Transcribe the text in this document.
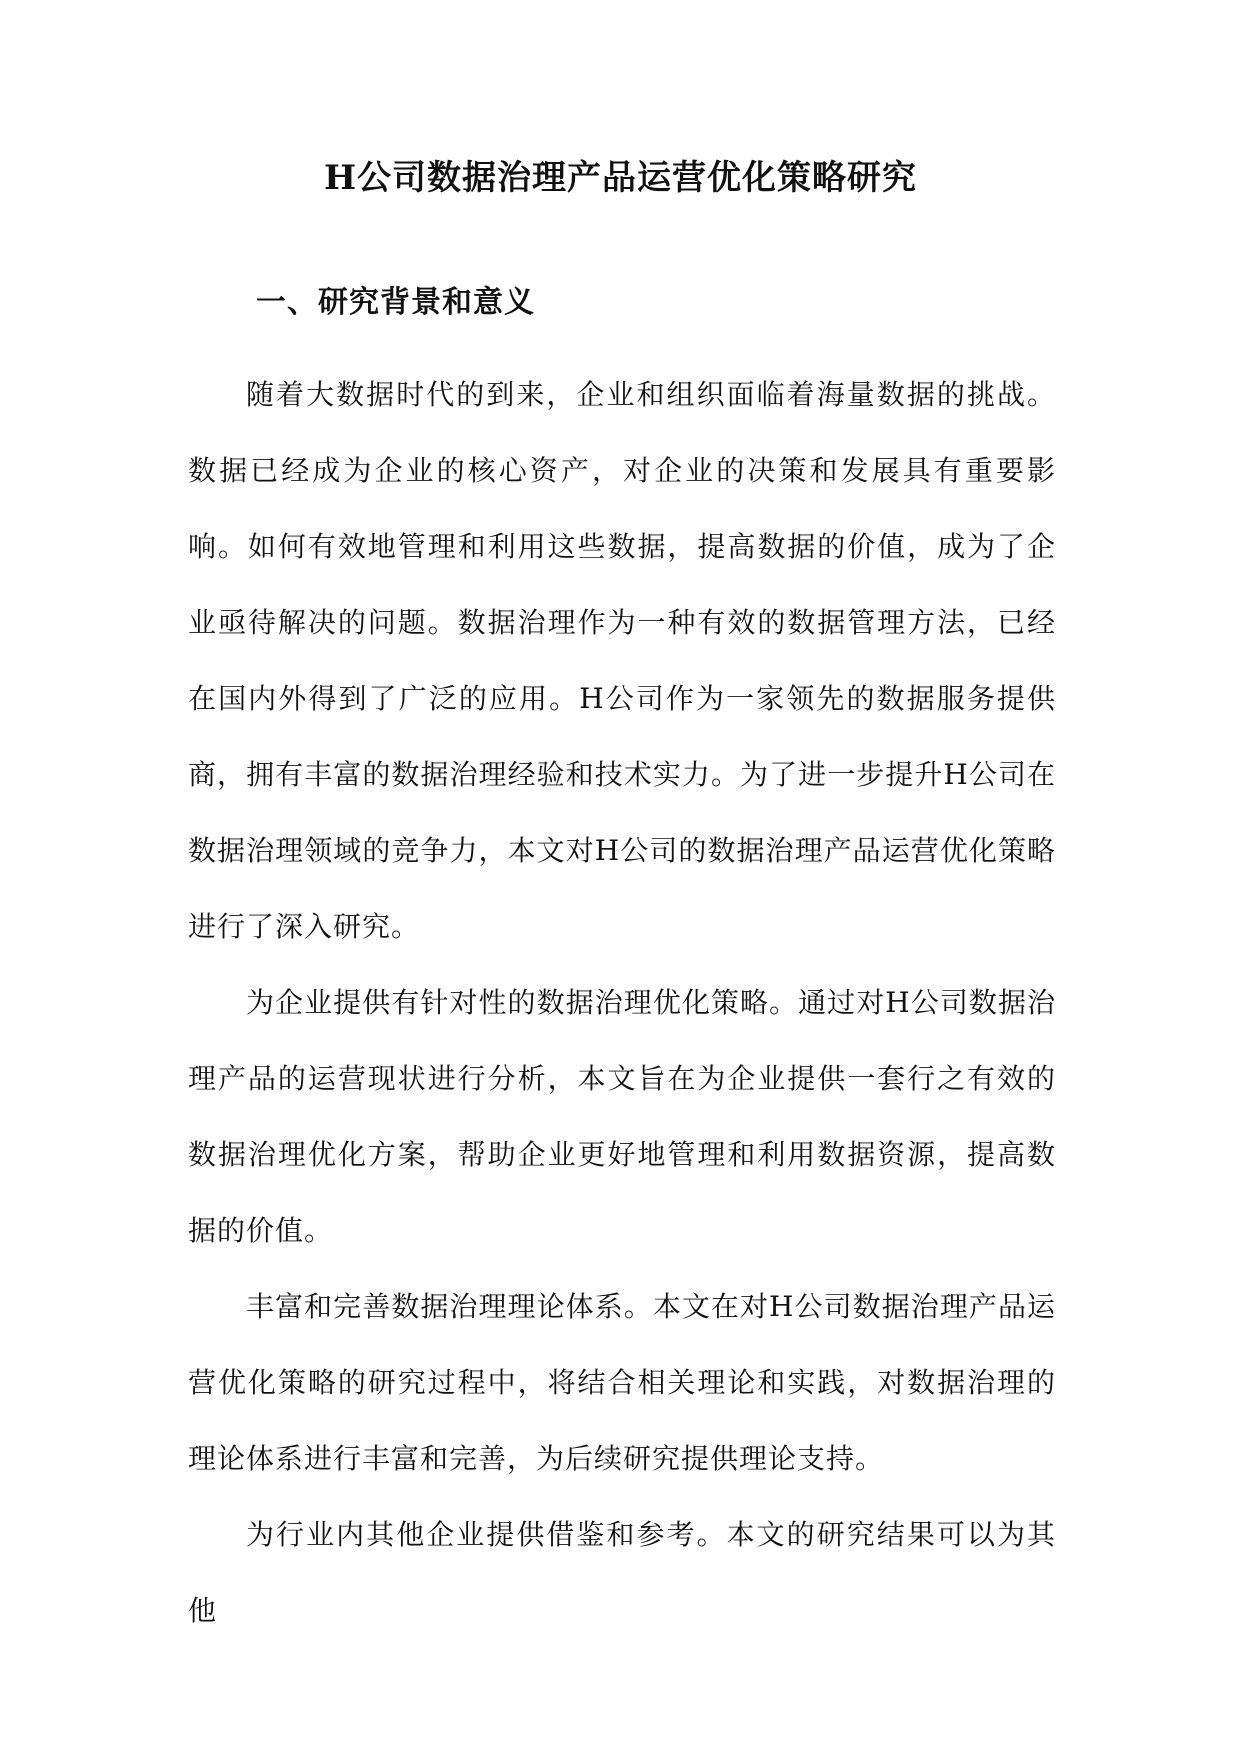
H公司数据治理产品运营优化策略研究
一、研究背景和意义

随着大数据时代的到来，企业和组织面临着海量数据的挑战。数据已经成为企业的核心资产，对企业的决策和发展具有重要影响。如何有效地管理和利用这些数据，提高数据的价值，成为了企业亟待解决的问题。数据治理作为一种有效的数据管理方法，已经在国内外得到了广泛的应用。H公司作为一家领先的数据服务提供商，拥有丰富的数据治理经验和技术实力。为了进一步提升H公司在数据治理领域的竞争力，本文对H公司的数据治理产品运营优化策略进行了深入研究。

为企业提供有针对性的数据治理优化策略。通过对H公司数据治理产品的运营现状进行分析，本文旨在为企业提供一套行之有效的数据治理优化方案，帮助企业更好地管理和利用数据资源，提高数据的价值。

丰富和完善数据治理理论体系。本文在对H公司数据治理产品运营优化策略的研究过程中，将结合相关理论和实践，对数据治理的理论体系进行丰富和完善，为后续研究提供理论支持。

为行业内其他企业提供借鉴和参考。本文的研究结果可以为其他
